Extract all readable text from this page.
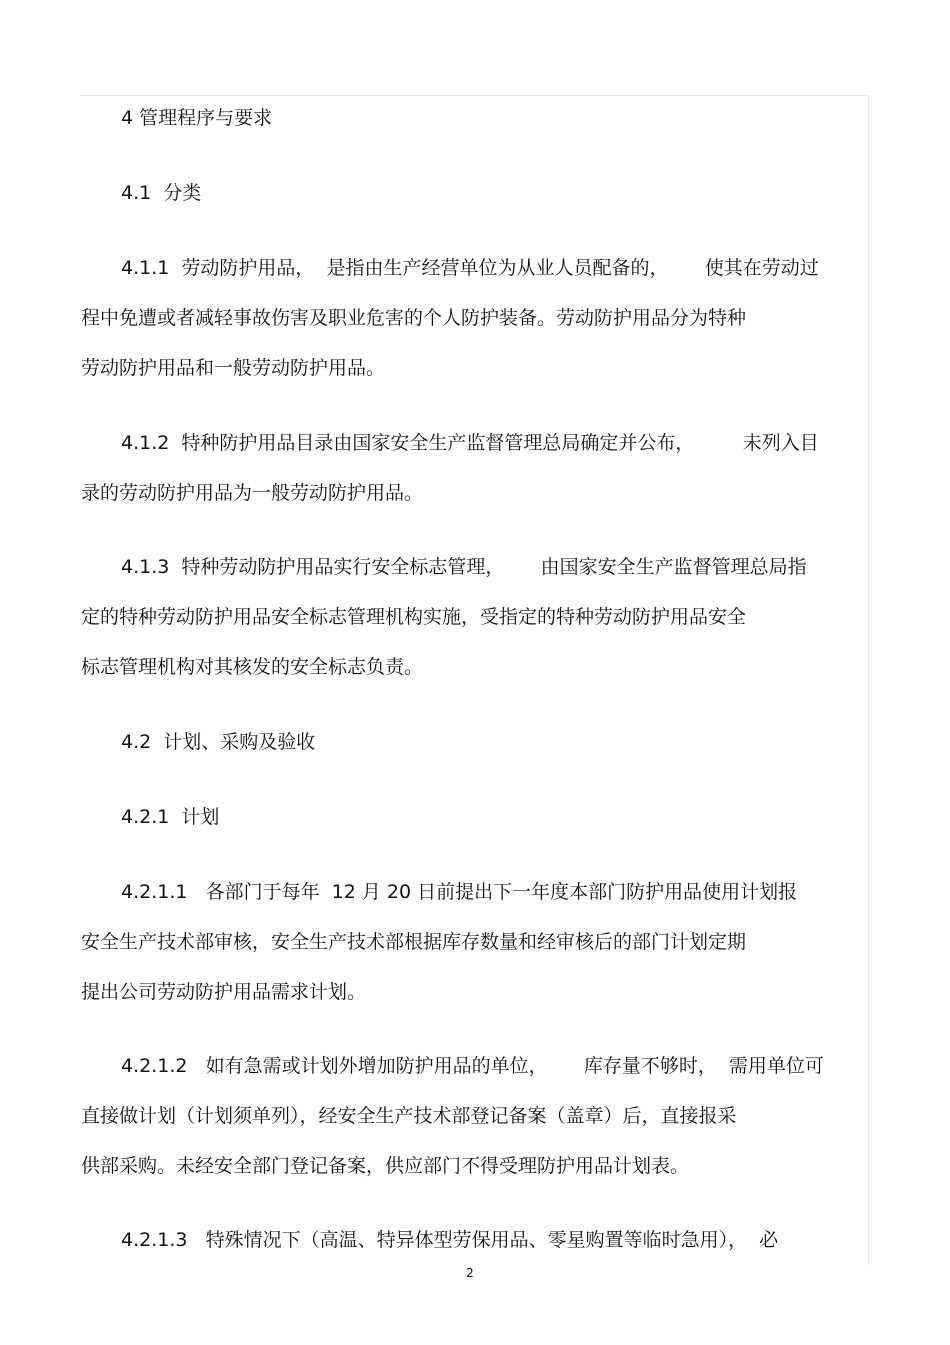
4 管理程序与要求

4.1  分类

4.1.1  劳动防护用品，  是指由生产经营单位为从业人员配备的，      使其在劳动过

程中免遭或者减轻事故伤害及职业危害的个人防护装备。劳动防护用品分为特种

劳动防护用品和一般劳动防护用品。

4.1.2  特种防护用品目录由国家安全生产监督管理总局确定并公布，        未列入目

录的劳动防护用品为一般劳动防护用品。

4.1.3  特种劳动防护用品实行安全标志管理，      由国家安全生产监督管理总局指

定的特种劳动防护用品安全标志管理机构实施，受指定的特种劳动防护用品安全

标志管理机构对其核发的安全标志负责。

4.2  计划、采购及验收

4.2.1  计划

4.2.1.1   各部门于每年  12 月 20 日前提出下一年度本部门防护用品使用计划报

安全生产技术部审核，安全生产技术部根据库存数量和经审核后的部门计划定期

提出公司劳动防护用品需求计划。

4.2.1.2   如有急需或计划外增加防护用品的单位，      库存量不够时，  需用单位可

直接做计划（计划须单列），经安全生产技术部登记备案（盖章）后，直接报采

供部采购。未经安全部门登记备案，供应部门不得受理防护用品计划表。

4.2.1.3   特殊情况下（高温、特异体型劳保用品、零星购置等临时急用），  必

2
